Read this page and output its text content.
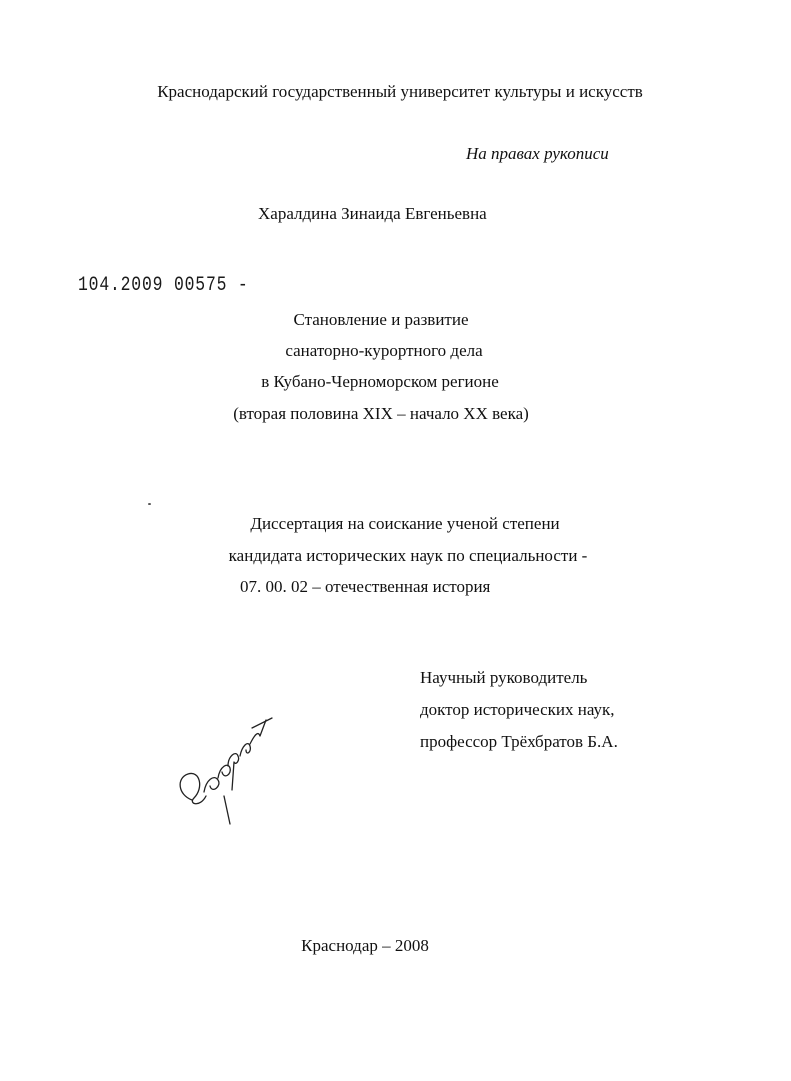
Краснодарский государственный университет культуры и искусств
На правах рукописи
Харалдина Зинаида Евгеньевна
104.2009 00575 -
Становление и развитие
санаторно-курортного дела
в Кубано-Черноморском регионе
(вторая половина XIX – начало XX века)
Диссертация на соискание ученой степени
кандидата исторических наук по специальности -
07. 00. 02 – отечественная история
Научный руководитель
доктор исторических наук,
профессор Трёхбратов Б.А.
Краснодар – 2008
